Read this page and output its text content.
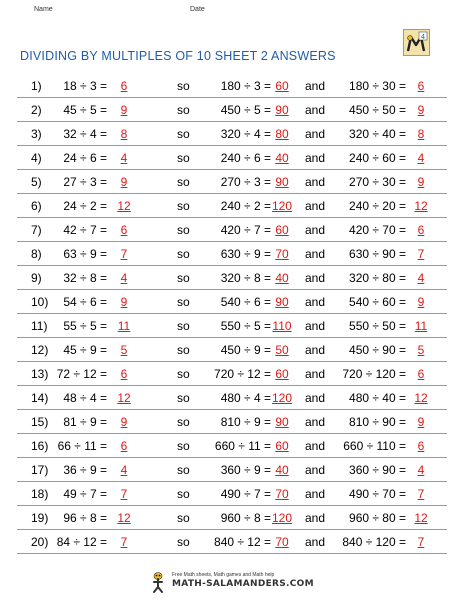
Name	Date
4
DIVIDING BY MULTIPLES OF 10 SHEET 2 ANSWERS
1) 18 ÷ 3 =	6	so	180 ÷ 3 = 60	and 180 ÷ 30 = 6
2) 45 ÷ 5 =	9	so	450 ÷ 5 = 90	and 450 ÷ 50 = 9
3) 32 ÷ 4 =	8	so	320 ÷ 4 = 80	and 320 ÷ 40 = 8
4) 24 ÷ 6 =	4	so	240 ÷ 6 = 40	and 240 ÷ 60 = 4
5) 27 ÷ 3 =	9	so	270 ÷ 3 = 90	and 270 ÷ 30 = 9
6) 24 ÷ 2 = 12	so	240 ÷ 2 = 120	and 240 ÷ 20 = 12
7) 42 ÷ 7 =	6	so	420 ÷ 7 = 60	and 420 ÷ 70 = 6
8) 63 ÷ 9 =	7	so	630 ÷ 9 = 70	and 630 ÷ 90 = 7
9) 32 ÷ 8 =	4	so	320 ÷ 8 = 40	and 320 ÷ 80 = 4
10) 54 ÷ 6 =	9	so	540 ÷ 6 = 90	and 540 ÷ 60 = 9
11) 55 ÷ 5 = 11	so	550 ÷ 5 = 110	and 550 ÷ 50 = 11
12) 45 ÷ 9 =	5	so	450 ÷ 9 = 50	and 450 ÷ 90 = 5
13) 72 ÷ 12 =	6	so 720 ÷ 12 = 60	and 720 ÷ 120 = 6
14) 48 ÷ 4 = 12	so	480 ÷ 4 = 120	and 480 ÷ 40 = 12
15) 81 ÷ 9 =	9	so	810 ÷ 9 = 90	and 810 ÷ 90 = 9
16) 66 ÷ 11 =	6	so 660 ÷ 11 = 60	and 660 ÷ 110 = 6
17) 36 ÷ 9 =	4	so	360 ÷ 9 = 40	and 360 ÷ 90 = 4
18) 49 ÷ 7 =	7	so	490 ÷ 7 = 70	and 490 ÷ 70 = 7
19) 96 ÷ 8 = 12	so	960 ÷ 8 = 120	and 960 ÷ 80 = 12
20) 84 ÷ 12 =	7	so 840 ÷ 12 = 70	and 840 ÷ 120 = 7
Free Math sheets, Math games and Math help
MATH-SALAMANDERS.COM
